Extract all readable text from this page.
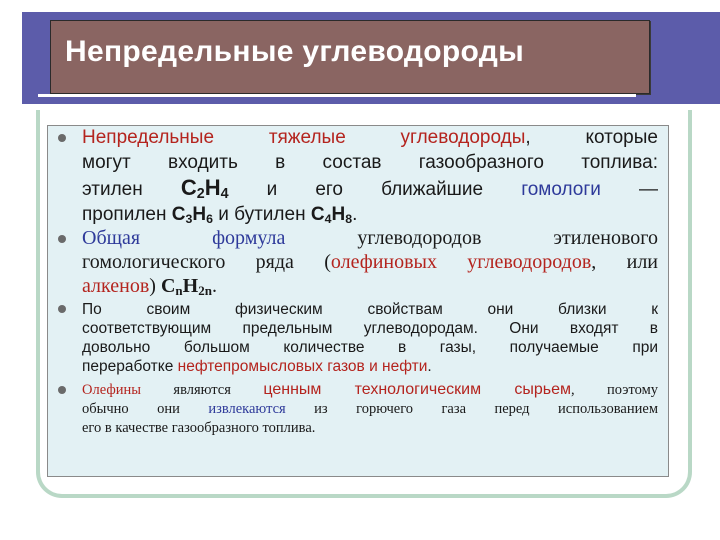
Непредельные углеводороды
Непредельные тяжелые углеводороды, которые
могут входить в состав газообразного топлива:
этилен $C_2H_4$ и его ближайшие гомологи —
пропилен $C_3H_6$ и бутилен $C_4H_8$.
Общая формула углеводородов этиленового
гомологического ряда (олефиновых углеводородов, или
алкенов) $C_nH_{2n}$.
По своим физическим свойствам они близки к
соответствующим предельным углеводородам. Они входят в
довольно большом количестве в газы, получаемые при
переработке нефтепромысловых газов и нефти.
Олефины являются ценным технологическим сырьем, поэтому
обычно они извлекаются из горючего газа перед использованием
его в качестве газообразного топлива.
